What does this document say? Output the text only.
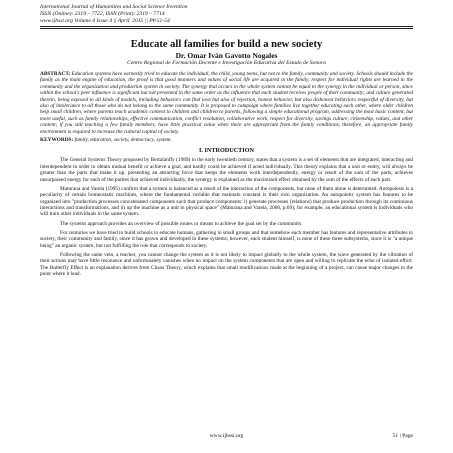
International Journal of Humanities and Social Science Invention
ISSN (Online): 2319 – 7722, ISSN (Print): 2319 – 7714
www.ijhssi.org Volume 4 Issue 4 || April. 2015 || PP.51-54
Educate all families for build a new society
Dr. Omar Iván Gavotto Nogales
Centro Regional de Formación Docente e Investigación Educativa del Estado de Sonora
ABSTRACT: Education systems have earnestly tried to educate the individual, the child, young teens, but not to the family, community and society. Schools should include the family as the main engine of education, the proof is that good manners and values of social life are acquired in the family, respect for individual rights are learned in the community and the organization and production system in society. The synergy that occurs in the whole system cannot be equal to the synergy in the individual or person, since within the school's peer influence is significant but not presented in the same order as the influence that each student receives people of their community; and culture generated therein, being exposed to all kinds of models, including behaviors can find love but also of rejection, honest behavior, but also dishonest behaviors respectful of diversity, but also of intolerance to all those who do not belong to the same community. It is proposed to campaign where families live together educating each other, where older children help small children, where parents teach academic content to children and children to parents, following a simple educational program, addressing the most basic content, but more useful, such as family relationships, effective communication, conflict resolution, collaborative work, respect for diversity, savings culture, citizenship, values, and other content; if you still teaching a few family members, have little practical value when there are appropriate from the family conditions, therefore, an appropriate family environment is required to increase the cultural capital of society.
KEYWORDS: family, education, society, democracy, system.
I. INTRODUCTION
The General Systems Theory proposed by Bertalanffy (1989) in the early twentieth century, states that a system is a set of elements that are integrated, interacting and interdependent in order to obtain mutual benefit or achieve a goal, and hardly could be achieved if acted individually. This theory explains that a unit or entity, will always be greater than the parts that make it up, presenting an attracting force that keeps the elements work interdependently, energy or result of the sum of the parts, achieves unsurpassed energy for each of the parties that achieved individually, the synergy is explained as the maximized effect obtained by the sum of the effects of each part.
Maturana and Varela (1995) confirm that a system is balanced as a result of the interaction of the components, but none of them alone is determined. Autopoiesis is a peculiarity of certain homeostatic machines, where the fundamental variable that maintain constant is their own organization. An autopoietic system has features to be organized into "production processes concatenated components such that produce components: i) generate processes (relations) that produce production through its continuous interactions and transformations, and ii) up the machine as a unit in physical space" (Maturana and Varela, 2006, p.69); for example, an educational system is individuals who will train other individuals in the same system.
The systems approach provides an overview of possible routes or means to achieve the goal set by the community.
For centuries we have tried to build schools to educate humans, gathering in small groups and that somehow each member has features and representative attributes to society, their community and family, since it has grown and developed in these systems; however, each student himself, is none of these three subsystems, since it is "a unique being" an organic system, but not fulfilling the role that corresponds to society.
Following the same vein, a teacher, you cannot change the system as it is not likely to impact globally to the whole system, the wave generated by the vibration of their actions may have little resonance and unfortunately vanishes when no impact on the system components that are open and willing to replicate the echo of isolated effort. The Butterfly Effect is an explanation derives from Chaos Theory, which explains that small modifications made at the beginning of a project, can cause major changes to the point where it lead.
www.ijhssi.org	51 | Page
